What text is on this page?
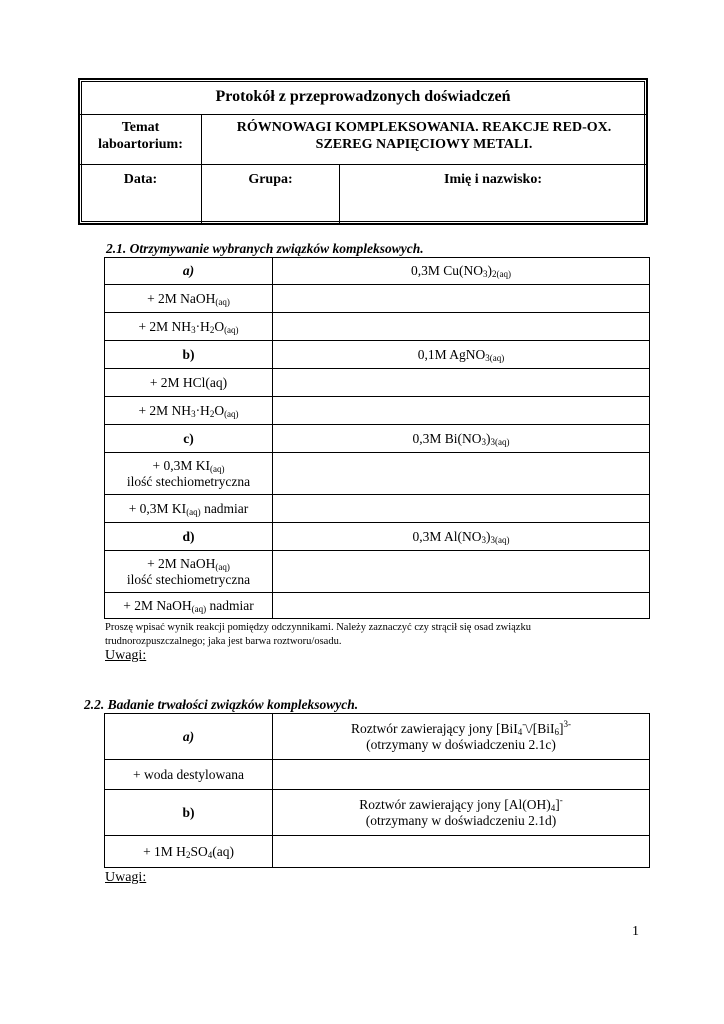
Protokół z przeprowadzonych doświadczeń
Temat
laboartorium:
RÓWNOWAGI KOMPLEKSOWANIA. REAKCJE RED-OX.
SZEREG NAPIĘCIOWY METALI.
Data:	Grupa:	Imię i nazwisko:
2.1. Otrzymywanie wybranych związków kompleksowych.
a)	0,3M $Cu(NO_3)_{2(aq)}$
+ 2M NaOH$_{(aq)}$	
+ 2M $NH_3\cdot H_2O_{(aq)}$	
b)	0,1M AgNO$_{3(aq)}$
+ 2M HCl(aq)	
+ 2M $NH_3\cdot H_2O_{(aq)}$	
c)	0,3M $Bi(NO_3)_{3(aq)}$

+ 0,3M $KI_{(aq)}$
ilość stechiometryczna	

+ 0,3M $KI_{(aq)}$ nadmiar	
d)	0,3M $Al(NO_3)_{3(aq)}$

+ 2M NaOH$_{(aq)}$
ilość stechiometryczna	

+ 2M NaOH$_{(aq)}$ nadmiar	
Proszę wpisać wynik reakcji pomiędzy odczynnikami. Należy zaznaczyć czy strącił się osad związku
trudnorozpuszczalnego; jaka jest barwa roztworu/osadu.
Uwagi:
2.2. Badanie trwałości związków kompleksowych.
a)	Roztwór zawierający jony [$BiI_4^-\backslash/[BiI_6]^{3-}$
(otrzymany w doświadczeniu 2.1c)

+ woda destylowana	
b)	Roztwór zawierający jony $[Al(OH)_4]^-$
(otrzymany w doświadczeniu 2.1d)

+ 1M $H_2SO_4(aq)$	
Uwagi:
1
